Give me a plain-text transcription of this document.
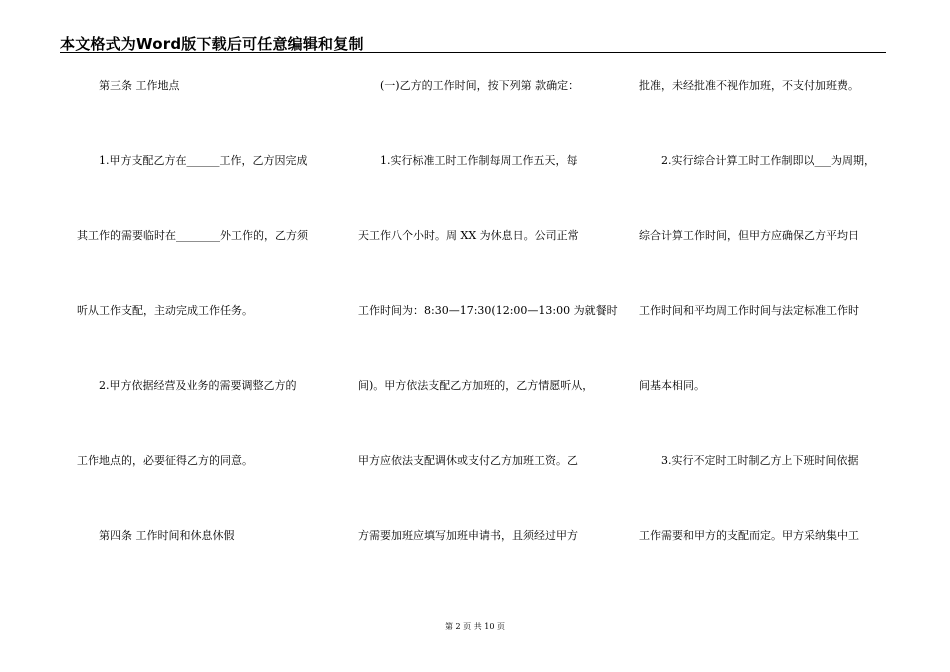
本文格式为Word版下载后可任意编辑和复制
　　第三条 工作地点
　　1.甲方支配乙方在______工作，乙方因完成
其工作的需要临时在________外工作的，乙方须
听从工作支配，主动完成工作任务。
　　2.甲方依据经营及业务的需要调整乙方的
工作地点的，必要征得乙方的同意。
　　第四条 工作时间和休息休假
　　(一)乙方的工作时间，按下列第 款确定：
　　1.实行标准工时工作制每周工作五天，每
天工作八个小时。周 XX 为休息日。公司正常
工作时间为：8:30—17:30(12:00—13:00 为就餐时
间)。甲方依法支配乙方加班的，乙方情愿听从，
甲方应依法支配调休或支付乙方加班工资。乙
方需要加班应填写加班申请书，且须经过甲方
批准，未经批准不视作加班，不支付加班费。
　　2.实行综合计算工时工作制即以___为周期，
综合计算工作时间，但甲方应确保乙方平均日
工作时间和平均周工作时间与法定标准工作时
间基本相同。
　　3.实行不定时工时制乙方上下班时间依据
工作需要和甲方的支配而定。甲方采纳集中工
第 2 页 共 10 页
